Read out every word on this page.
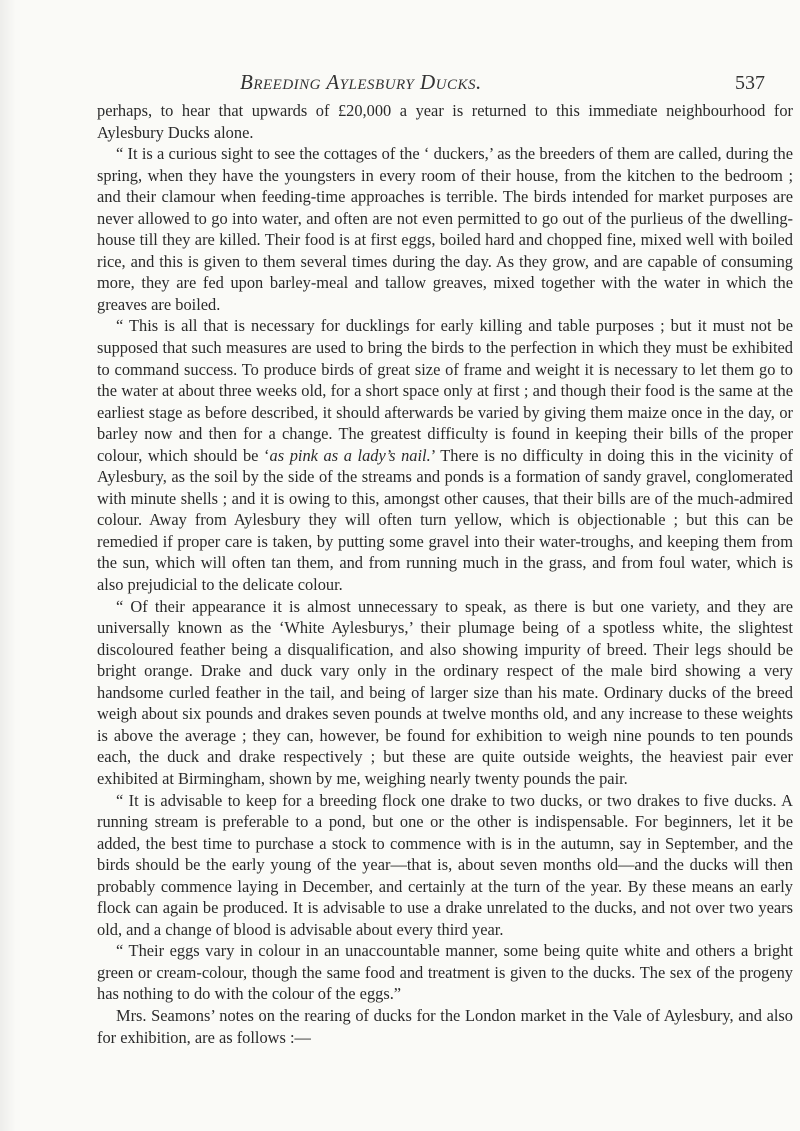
Breeding Aylesbury Ducks.	537

perhaps, to hear that upwards of £20,000 a year is returned to this immediate neighbourhood for Aylesbury Ducks alone.

“ It is a curious sight to see the cottages of the ‘ duckers,’ as the breeders of them are called, during the spring, when they have the youngsters in every room of their house, from the kitchen to the bedroom ; and their clamour when feeding-time approaches is terrible. The birds intended for market purposes are never allowed to go into water, and often are not even permitted to go out of the purlieus of the dwelling-house till they are killed. Their food is at first eggs, boiled hard and chopped fine, mixed well with boiled rice, and this is given to them several times during the day. As they grow, and are capable of consuming more, they are fed upon barley-meal and tallow greaves, mixed together with the water in which the greaves are boiled.

“ This is all that is necessary for ducklings for early killing and table purposes ; but it must not be supposed that such measures are used to bring the birds to the perfection in which they must be exhibited to command success. To produce birds of great size of frame and weight it is necessary to let them go to the water at about three weeks old, for a short space only at first ; and though their food is the same at the earliest stage as before described, it should afterwards be varied by giving them maize once in the day, or barley now and then for a change. The greatest difficulty is found in keeping their bills of the proper colour, which should be ‘as pink as a lady’s nail.’ There is no difficulty in doing this in the vicinity of Aylesbury, as the soil by the side of the streams and ponds is a formation of sandy gravel, conglomerated with minute shells ; and it is owing to this, amongst other causes, that their bills are of the much-admired colour. Away from Aylesbury they will often turn yellow, which is objectionable ; but this can be remedied if proper care is taken, by putting some gravel into their water-troughs, and keeping them from the sun, which will often tan them, and from running much in the grass, and from foul water, which is also prejudicial to the delicate colour.

“ Of their appearance it is almost unnecessary to speak, as there is but one variety, and they are universally known as the ‘White Aylesburys,’ their plumage being of a spotless white, the slightest discoloured feather being a disqualification, and also showing impurity of breed. Their legs should be bright orange. Drake and duck vary only in the ordinary respect of the male bird showing a very handsome curled feather in the tail, and being of larger size than his mate. Ordinary ducks of the breed weigh about six pounds and drakes seven pounds at twelve months old, and any increase to these weights is above the average ; they can, however, be found for exhibition to weigh nine pounds to ten pounds each, the duck and drake respectively ; but these are quite outside weights, the heaviest pair ever exhibited at Birmingham, shown by me, weighing nearly twenty pounds the pair.

“ It is advisable to keep for a breeding flock one drake to two ducks, or two drakes to five ducks. A running stream is preferable to a pond, but one or the other is indispensable. For beginners, let it be added, the best time to purchase a stock to commence with is in the autumn, say in September, and the birds should be the early young of the year—that is, about seven months old—and the ducks will then probably commence laying in December, and certainly at the turn of the year. By these means an early flock can again be produced. It is advisable to use a drake unrelated to the ducks, and not over two years old, and a change of blood is advisable about every third year.

“ Their eggs vary in colour in an unaccountable manner, some being quite white and others a bright green or cream-colour, though the same food and treatment is given to the ducks. The sex of the progeny has nothing to do with the colour of the eggs.”

Mrs. Seamons’ notes on the rearing of ducks for the London market in the Vale of Aylesbury, and also for exhibition, are as follows :—
